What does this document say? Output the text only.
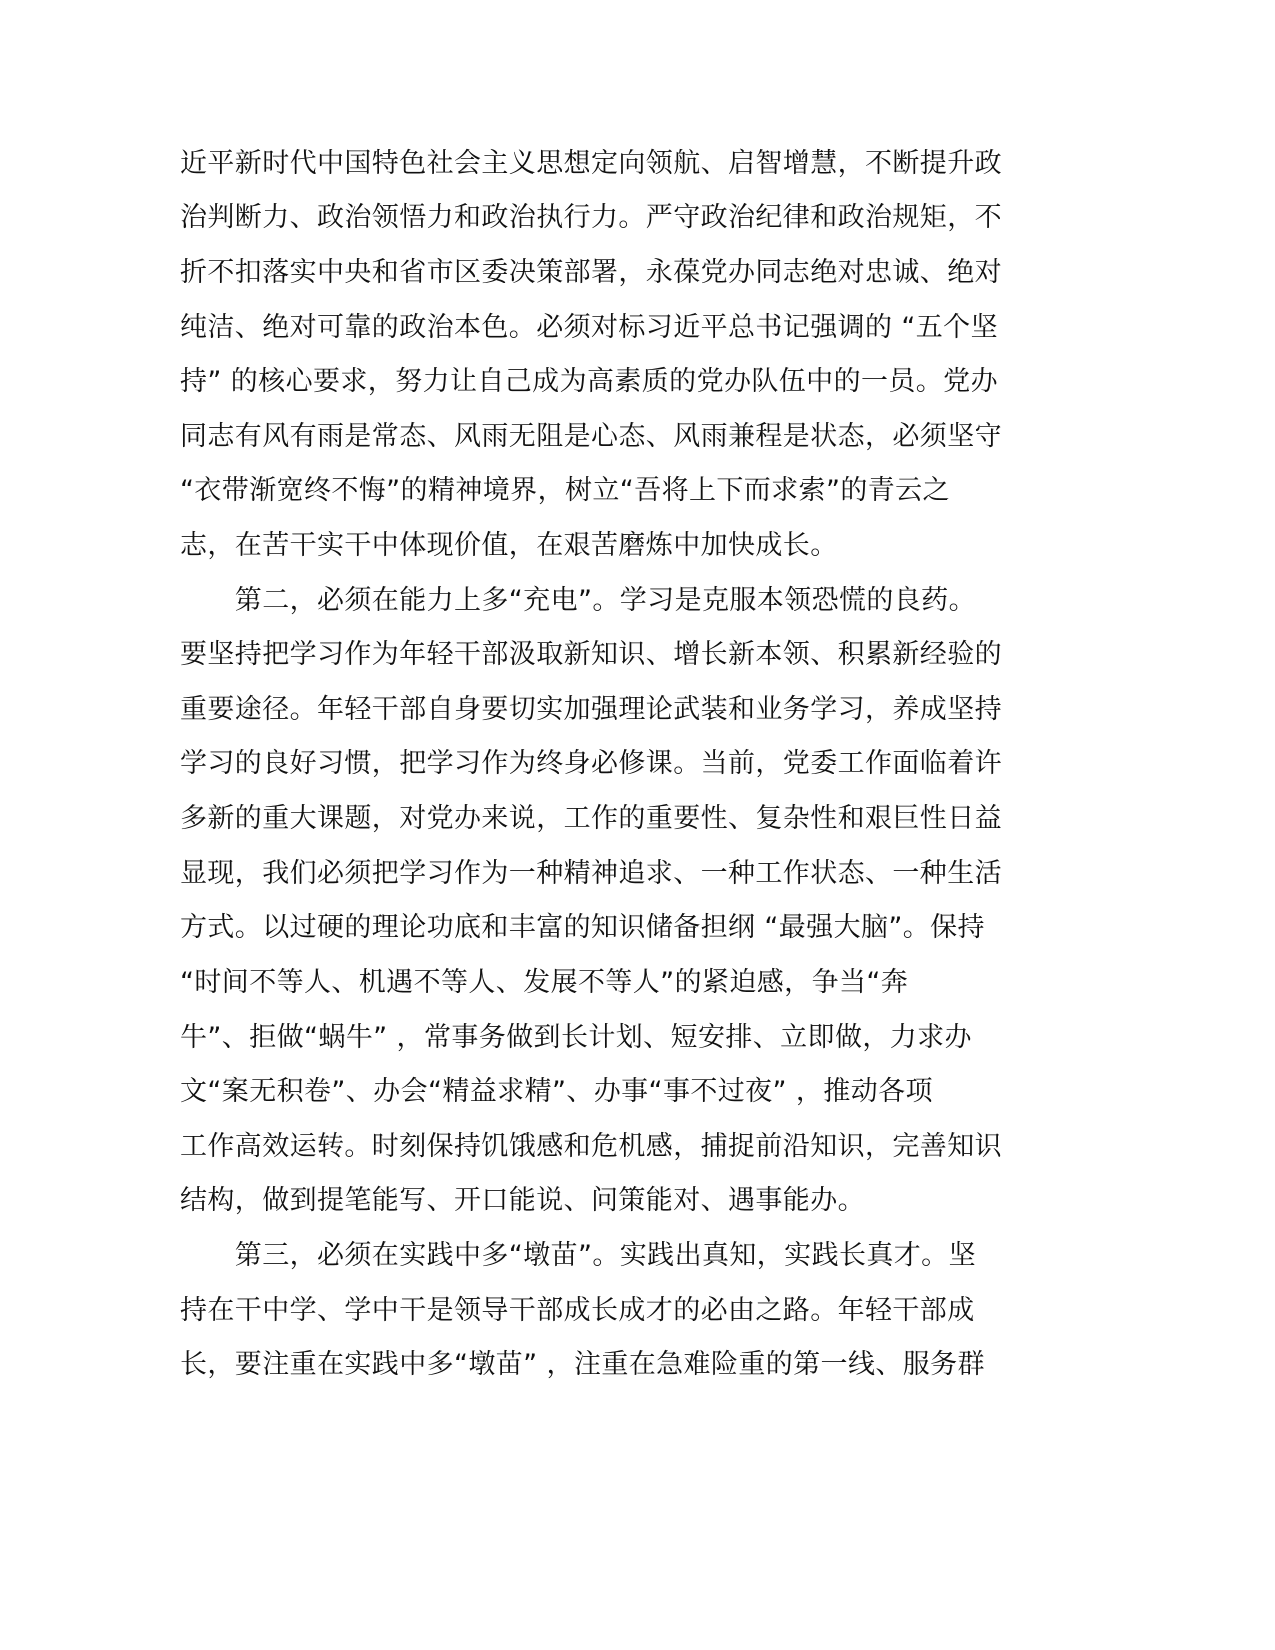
近平新时代中国特色社会主义思想定向领航、启智增慧，不断提升政
治判断力、政治领悟力和政治执行力。严守政治纪律和政治规矩，不
折不扣落实中央和省市区委决策部署，永葆党办同志绝对忠诚、绝对
纯洁、绝对可靠的政治本色。必须对标习近平总书记强调的 “五个坚
持” 的核心要求，努力让自己成为高素质的党办队伍中的一员。党办
同志有风有雨是常态、风雨无阻是心态、风雨兼程是状态，必须坚守
“衣带渐宽终不悔”的精神境界，树立“吾将上下而求索”的青云之
志，在苦干实干中体现价值，在艰苦磨炼中加快成长。
　　第二，必须在能力上多“充电”。学习是克服本领恐慌的良药。
要坚持把学习作为年轻干部汲取新知识、增长新本领、积累新经验的
重要途径。年轻干部自身要切实加强理论武装和业务学习，养成坚持
学习的良好习惯，把学习作为终身必修课。当前，党委工作面临着许
多新的重大课题，对党办来说，工作的重要性、复杂性和艰巨性日益
显现，我们必须把学习作为一种精神追求、一种工作状态、一种生活
方式。以过硬的理论功底和丰富的知识储备担纲 “最强大脑”。保持
“时间不等人、机遇不等人、发展不等人”的紧迫感，争当“奔
牛”、拒做“蜗牛” ，常事务做到长计划、短安排、立即做，力求办
文“案无积卷”、办会“精益求精”、办事“事不过夜” ，推动各项
工作高效运转。时刻保持饥饿感和危机感，捕捉前沿知识，完善知识
结构，做到提笔能写、开口能说、问策能对、遇事能办。
　　第三，必须在实践中多“墩苗”。实践出真知，实践长真才。坚
持在干中学、学中干是领导干部成长成才的必由之路。年轻干部成
长，要注重在实践中多“墩苗” ，注重在急难险重的第一线、服务群
